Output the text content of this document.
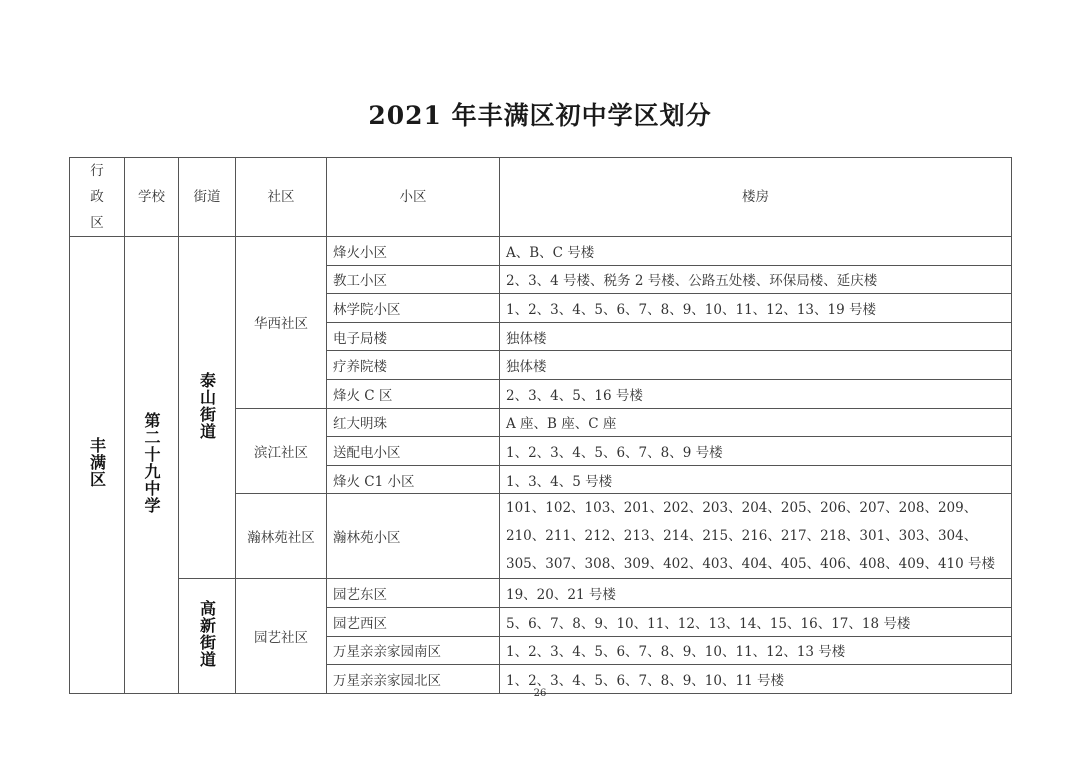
2021 年丰满区初中学区划分
行政区	学校	街道	社区	小区	楼房
丰满区	第二十九中学	泰山街道	华西社区	烽火小区	A、B、C 号楼
				教工小区	2、3、4 号楼、税务 2 号楼、公路五处楼、环保局楼、延庆楼
				林学院小区	1、2、3、4、5、6、7、8、9、10、11、12、13、19 号楼
				电子局楼	独体楼
				疗养院楼	独体楼
				烽火 C 区	2、3、4、5、16 号楼
			滨江社区	红大明珠	A 座、B 座、C 座
				送配电小区	1、2、3、4、5、6、7、8、9 号楼
				烽火 C1 小区	1、3、4、5 号楼
			瀚林苑社区	瀚林苑小区	101、102、103、201、202、203、204、205、206、207、208、209、210、211、212、213、214、215、216、217、218、301、303、304、305、307、308、309、402、403、404、405、406、408、409、410 号楼
		高新街道	园艺社区	园艺东区	19、20、21 号楼
				园艺西区	5、6、7、8、9、10、11、12、13、14、15、16、17、18 号楼
				万星亲亲家园南区	1、2、3、4、5、6、7、8、9、10、11、12、13 号楼
				万星亲亲家园北区	1、2、3、4、5、6、7、8、9、10、11 号楼
26
